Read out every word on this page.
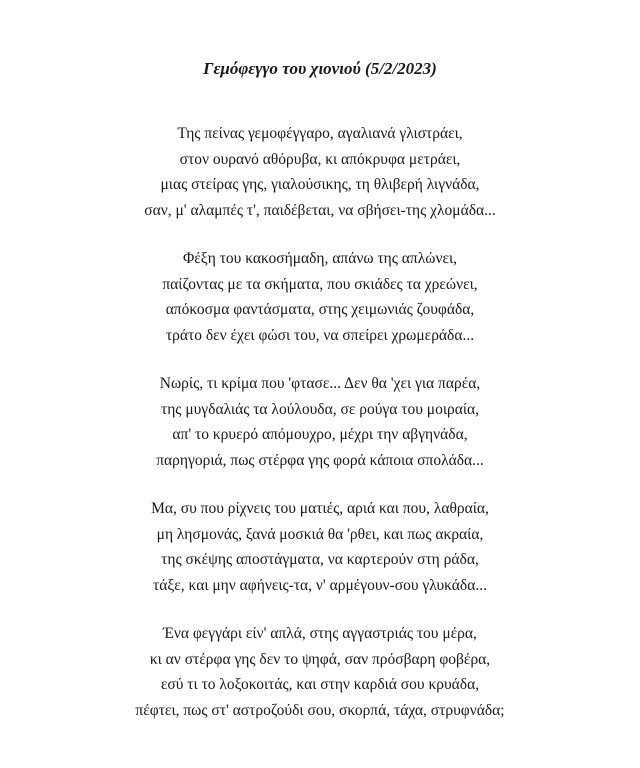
Γεμόφεγγο του χιονιού (5/2/2023)
Της πείνας γεμοφέγγαρο, αγαλιανά γλιστράει,
στον ουρανό αθόρυβα, κι απόκρυφα μετράει,
μιας στείρας γης, γιαλούσικης, τη θλιβερή λιγνάδα,
σαν, μ' αλαμπές τ', παιδέβεται, να σβήσει-της χλομάδα...
Φέξη του κακοσήμαδη, απάνω της απλώνει,
παίζοντας με τα σκήματα, που σκιάδες τα χρεώνει,
απόκοσμα φαντάσματα, στης χειμωνιάς ζουφάδα,
τράτο δεν έχει φώσι του, να σπείρει χρωμεράδα...
Νωρίς, τι κρίμα που 'φτασε... Δεν θα 'χει για παρέα,
της μυγδαλιάς τα λούλουδα, σε ρούγα του μοιραία,
απ' το κρυερό απόμουχρο, μέχρι την αβγηνάδα,
παρηγοριά, πως στέρφα γης φορά κάποια σπολάδα...
Μα, συ που ρίχνεις του ματιές, αριά και που, λαθραία,
μη λησμονάς, ξανά μοσκιά θα 'ρθει, και πως ακραία,
της σκέψης αποστάγματα, να καρτερούν στη ράδα,
τάξε, και μην αφήνεις-τα, ν' αρμέγουν-σου γλυκάδα...
Ένα φεγγάρι είν' απλά, στης αγγαστριάς του μέρα,
κι αν στέρφα γης δεν το ψηφά, σαν πρόσβαρη φοβέρα,
εσύ τι το λοξοκοιτάς, και στην καρδιά σου κρυάδα,
πέφτει, πως στ' αστροζούδι σου, σκορπά, τάχα, στρυφνάδα;
